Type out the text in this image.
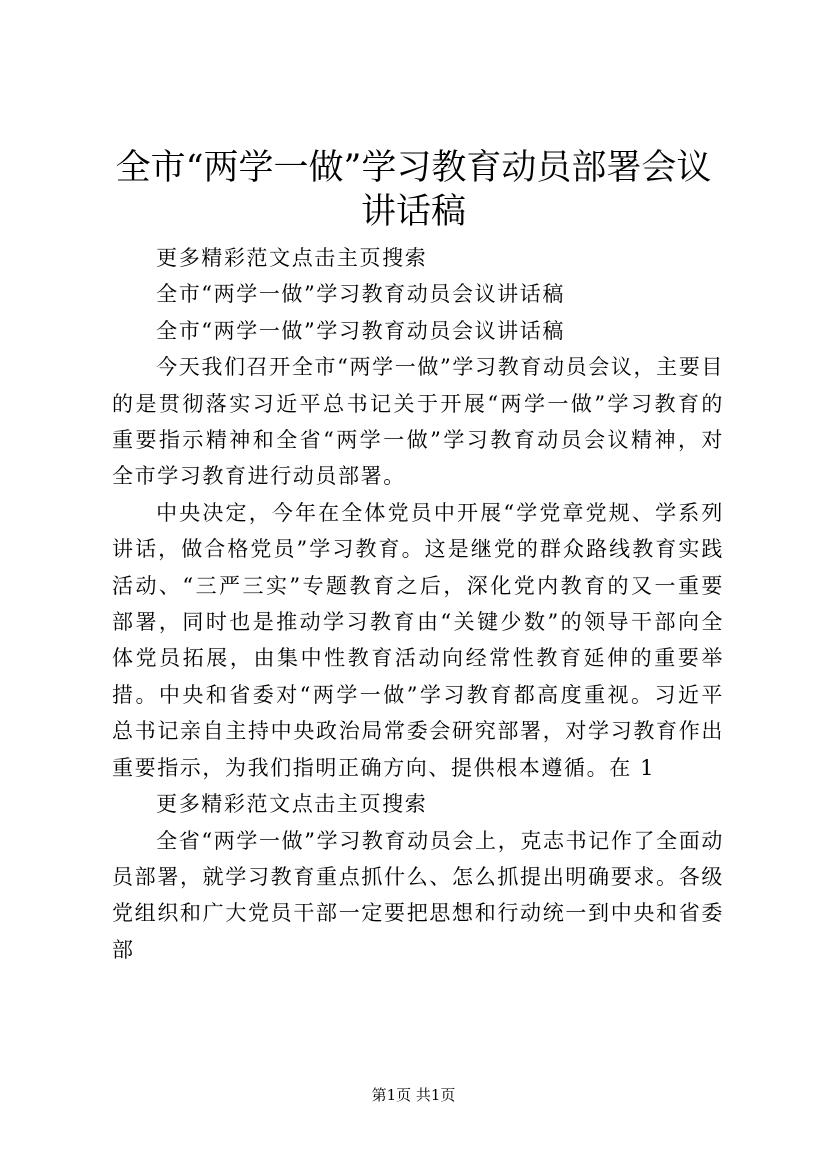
全市“两学一做”学习教育动员部署会议讲话稿

更多精彩范文点击主页搜索

全市“两学一做”学习教育动员会议讲话稿

全市“两学一做”学习教育动员会议讲话稿

今天我们召开全市“两学一做”学习教育动员会议，主要目的是贯彻落实习近平总书记关于开展“两学一做”学习教育的重要指示精神和全省“两学一做”学习教育动员会议精神，对全市学习教育进行动员部署。

中央决定，今年在全体党员中开展“学党章党规、学系列讲话，做合格党员”学习教育。这是继党的群众路线教育实践活动、“三严三实”专题教育之后，深化党内教育的又一重要部署，同时也是推动学习教育由“关键少数”的领导干部向全体党员拓展，由集中性教育活动向经常性教育延伸的重要举措。中央和省委对“两学一做”学习教育都高度重视。习近平总书记亲自主持中央政治局常委会研究部署，对学习教育作出重要指示，为我们指明正确方向、提供根本遵循。在 1

更多精彩范文点击主页搜索

全省“两学一做”学习教育动员会上，克志书记作了全面动员部署，就学习教育重点抓什么、怎么抓提出明确要求。各级党组织和广大党员干部一定要把思想和行动统一到中央和省委部

第1页 共1页
